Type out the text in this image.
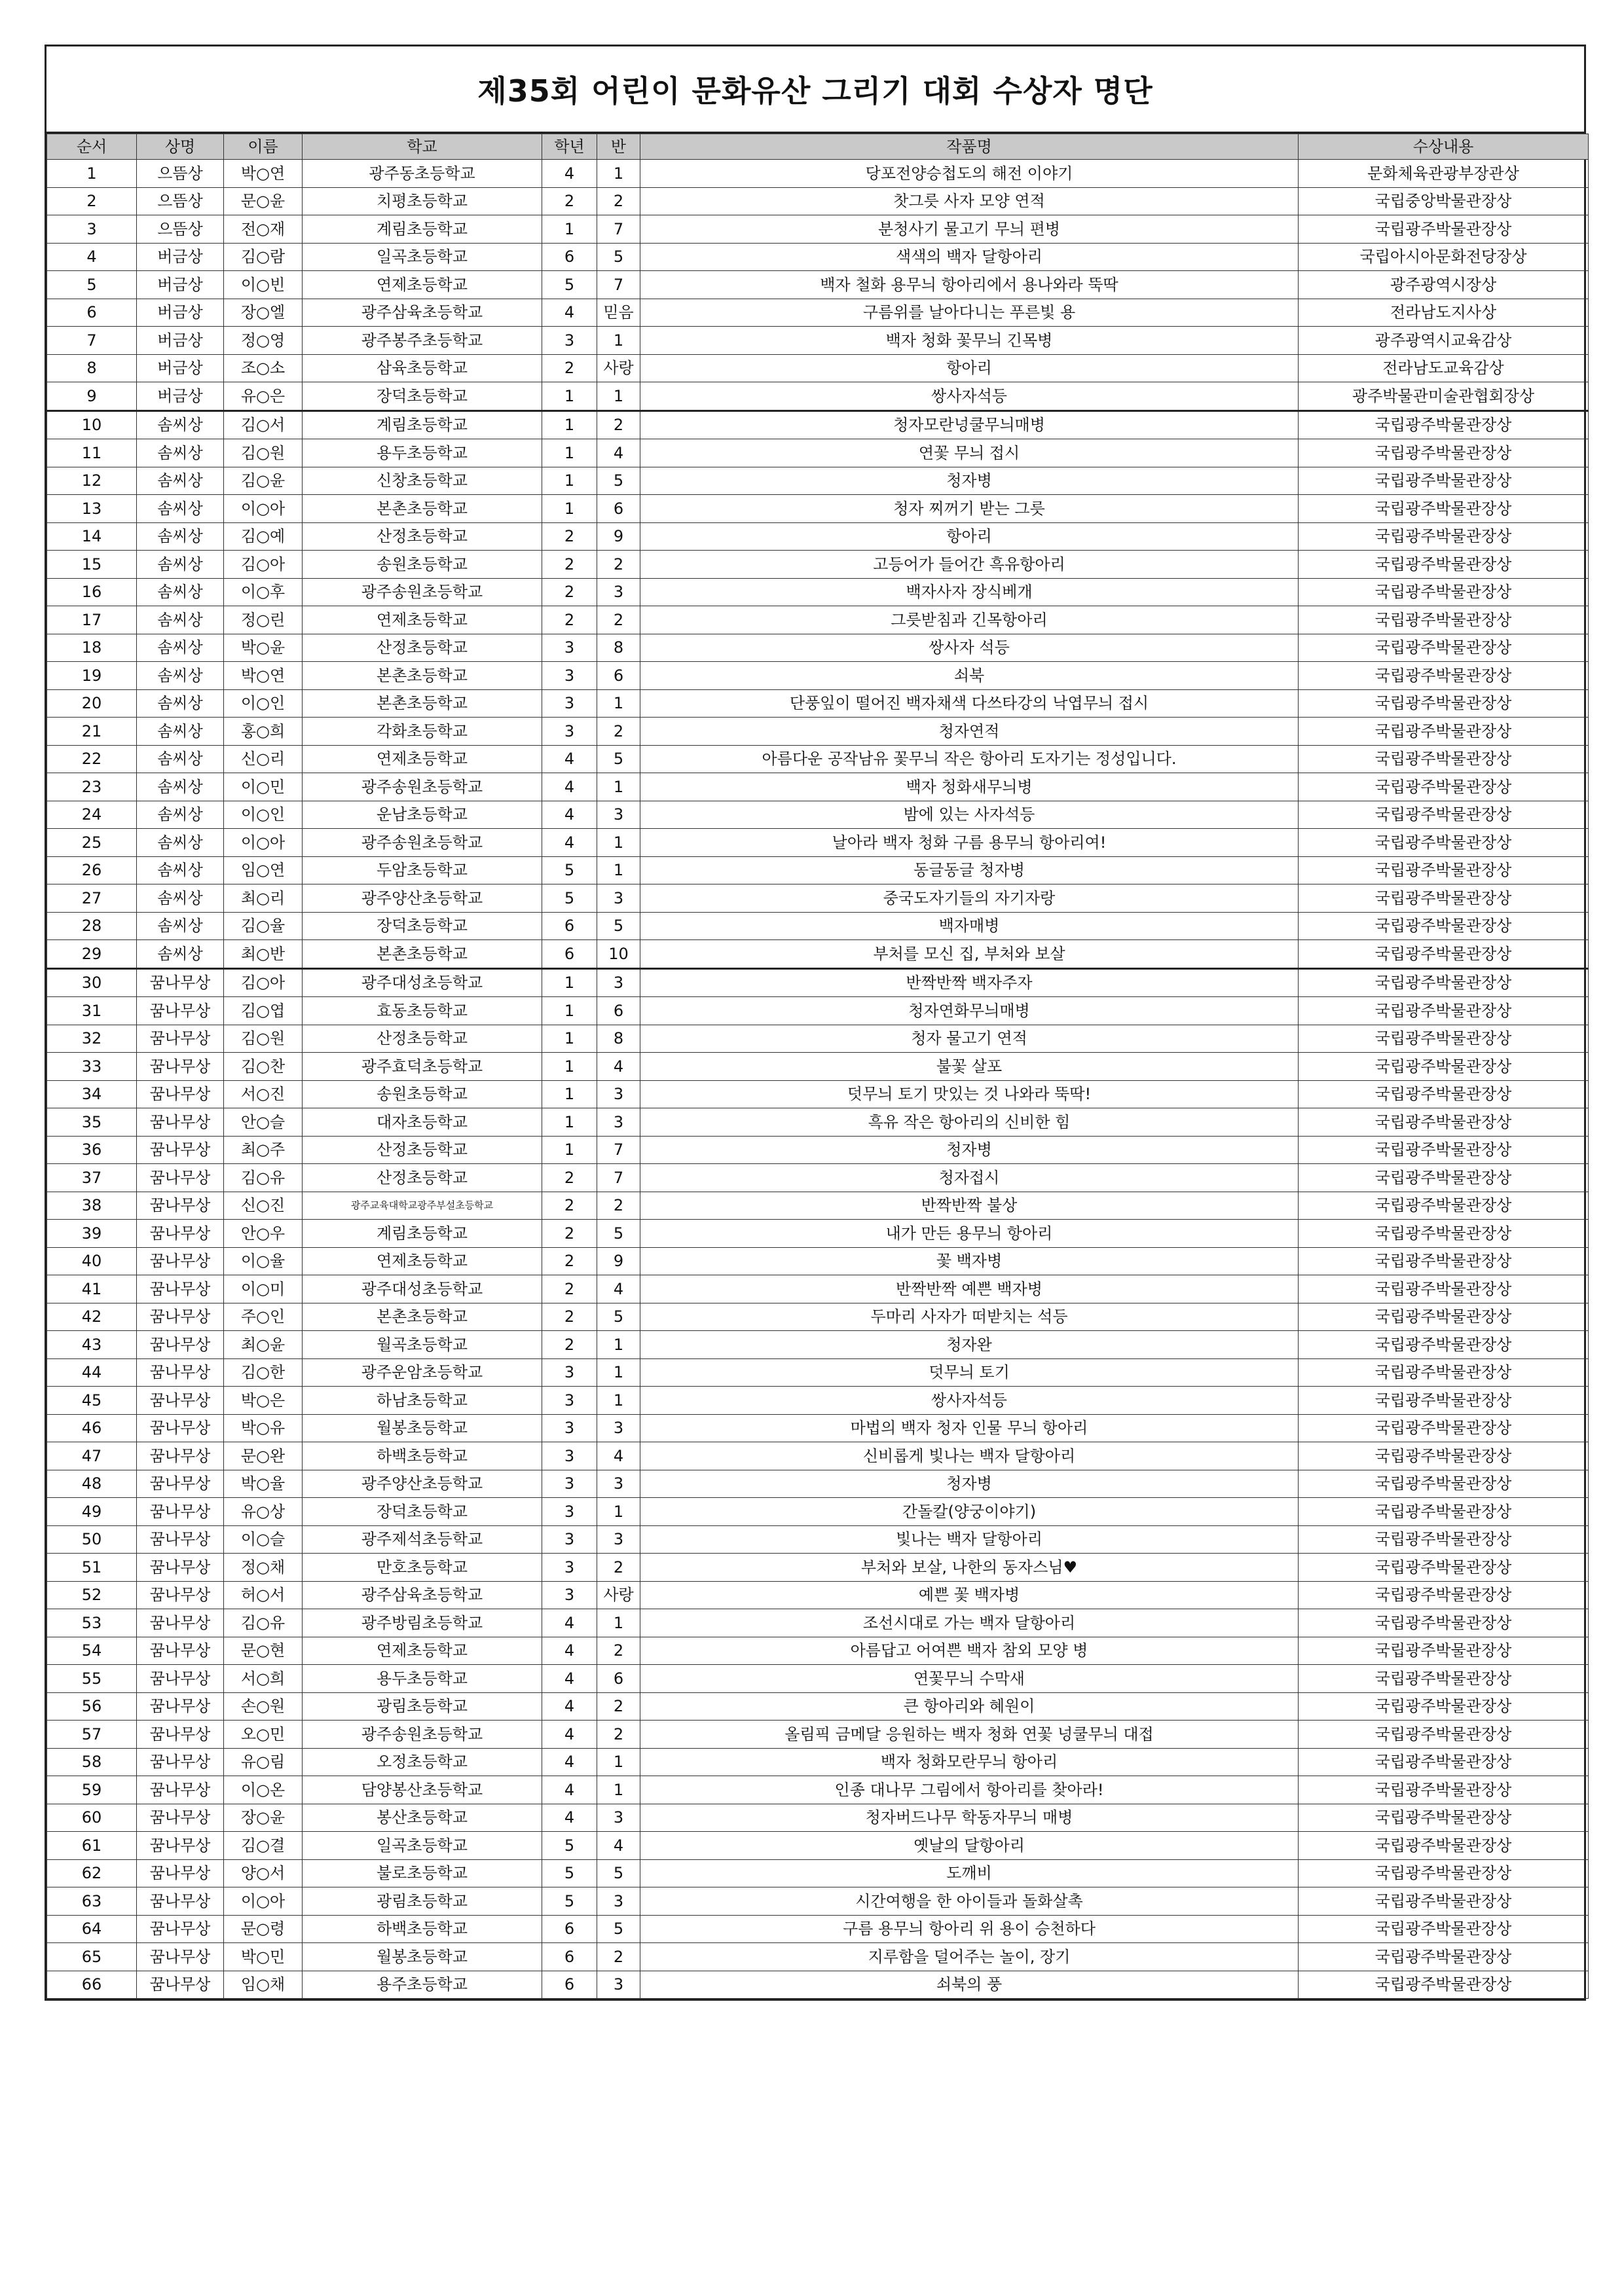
제35회 어린이 문화유산 그리기 대회 수상자 명단
순서	상명	이름	학교	학년	반	작품명	수상내용
1	으뜸상	박○연	광주동초등학교	4	1	당포전양승첩도의 해전 이야기	문화체육관광부장관상
2	으뜸상	문○윤	치평초등학교	2	2	찻그릇 사자 모양 연적	국립중앙박물관장상
3	으뜸상	전○재	계림초등학교	1	7	분청사기 물고기 무늬 편병	국립광주박물관장상
4	버금상	김○람	일곡초등학교	6	5	색색의 백자 달항아리	국립아시아문화전당장상
5	버금상	이○빈	연제초등학교	5	7	백자 철화 용무늬 항아리에서 용나와라 뚝딱	광주광역시장상
6	버금상	장○엘	광주삼육초등학교	4	믿음	구름위를 날아다니는 푸른빛 용	전라남도지사상
7	버금상	정○영	광주봉주초등학교	3	1	백자 청화 꽃무늬 긴목병	광주광역시교육감상
8	버금상	조○소	삼육초등학교	2	사랑	항아리	전라남도교육감상
9	버금상	유○은	장덕초등학교	1	1	쌍사자석등	광주박물관미술관협회장상
10	솜씨상	김○서	계림초등학교	1	2	청자모란넝쿨무늬매병	국립광주박물관장상
11	솜씨상	김○원	용두초등학교	1	4	연꽃 무늬 접시	국립광주박물관장상
12	솜씨상	김○윤	신창초등학교	1	5	청자병	국립광주박물관장상
13	솜씨상	이○아	본촌초등학교	1	6	청자 찌꺼기 받는 그릇	국립광주박물관장상
14	솜씨상	김○예	산정초등학교	2	9	항아리	국립광주박물관장상
15	솜씨상	김○아	송원초등학교	2	2	고등어가 들어간 흑유항아리	국립광주박물관장상
16	솜씨상	이○후	광주송원초등학교	2	3	백자사자 장식베개	국립광주박물관장상
17	솜씨상	정○린	연제초등학교	2	2	그릇받침과 긴목항아리	국립광주박물관장상
18	솜씨상	박○윤	산정초등학교	3	8	쌍사자 석등	국립광주박물관장상
19	솜씨상	박○연	본촌초등학교	3	6	쇠북	국립광주박물관장상
20	솜씨상	이○인	본촌초등학교	3	1	단풍잎이 떨어진 백자채색 다쓰타강의 낙엽무늬 접시	국립광주박물관장상
21	솜씨상	홍○희	각화초등학교	3	2	청자연적	국립광주박물관장상
22	솜씨상	신○리	연제초등학교	4	5	아름다운 공작남유 꽃무늬 작은 항아리 도자기는 정성입니다.	국립광주박물관장상
23	솜씨상	이○민	광주송원초등학교	4	1	백자 청화새무늬병	국립광주박물관장상
24	솜씨상	이○인	운남초등학교	4	3	밤에 있는 사자석등	국립광주박물관장상
25	솜씨상	이○아	광주송원초등학교	4	1	날아라 백자 청화 구름 용무늬 항아리여!	국립광주박물관장상
26	솜씨상	임○연	두암초등학교	5	1	동글동글 청자병	국립광주박물관장상
27	솜씨상	최○리	광주양산초등학교	5	3	중국도자기들의 자기자랑	국립광주박물관장상
28	솜씨상	김○율	장덕초등학교	6	5	백자매병	국립광주박물관장상
29	솜씨상	최○반	본촌초등학교	6	10	부처를 모신 집, 부처와 보살	국립광주박물관장상
30	꿈나무상	김○아	광주대성초등학교	1	3	반짝반짝 백자주자	국립광주박물관장상
31	꿈나무상	김○엽	효동초등학교	1	6	청자연화무늬매병	국립광주박물관장상
32	꿈나무상	김○원	산정초등학교	1	8	청자 물고기 연적	국립광주박물관장상
33	꿈나무상	김○찬	광주효덕초등학교	1	4	불꽃 살포	국립광주박물관장상
34	꿈나무상	서○진	송원초등학교	1	3	덧무늬 토기 맛있는 것 나와라 뚝딱!	국립광주박물관장상
35	꿈나무상	안○슬	대자초등학교	1	3	흑유 작은 항아리의 신비한 힘	국립광주박물관장상
36	꿈나무상	최○주	산정초등학교	1	7	청자병	국립광주박물관장상
37	꿈나무상	김○유	산정초등학교	2	7	청자접시	국립광주박물관장상
38	꿈나무상	신○진	광주교육대학교광주부설초등학교	2	2	반짝반짝 불상	국립광주박물관장상
39	꿈나무상	안○우	계림초등학교	2	5	내가 만든 용무늬 항아리	국립광주박물관장상
40	꿈나무상	이○율	연제초등학교	2	9	꽃 백자병	국립광주박물관장상
41	꿈나무상	이○미	광주대성초등학교	2	4	반짝반짝 예쁜 백자병	국립광주박물관장상
42	꿈나무상	주○인	본촌초등학교	2	5	두마리 사자가 떠받치는 석등	국립광주박물관장상
43	꿈나무상	최○윤	월곡초등학교	2	1	청자완	국립광주박물관장상
44	꿈나무상	김○한	광주운암초등학교	3	1	덧무늬 토기	국립광주박물관장상
45	꿈나무상	박○은	하남초등학교	3	1	쌍사자석등	국립광주박물관장상
46	꿈나무상	박○유	월봉초등학교	3	3	마법의 백자 청자 인물 무늬 항아리	국립광주박물관장상
47	꿈나무상	문○완	하백초등학교	3	4	신비롭게 빛나는 백자 달항아리	국립광주박물관장상
48	꿈나무상	박○율	광주양산초등학교	3	3	청자병	국립광주박물관장상
49	꿈나무상	유○상	장덕초등학교	3	1	간돌칼(양궁이야기)	국립광주박물관장상
50	꿈나무상	이○슬	광주제석초등학교	3	3	빛나는 백자 달항아리	국립광주박물관장상
51	꿈나무상	정○채	만호초등학교	3	2	부처와 보살, 나한의 동자스님♥	국립광주박물관장상
52	꿈나무상	허○서	광주삼육초등학교	3	사랑	예쁜 꽃 백자병	국립광주박물관장상
53	꿈나무상	김○유	광주방림초등학교	4	1	조선시대로 가는 백자 달항아리	국립광주박물관장상
54	꿈나무상	문○현	연제초등학교	4	2	아름답고 어여쁜 백자 참외 모양 병	국립광주박물관장상
55	꿈나무상	서○희	용두초등학교	4	6	연꽃무늬 수막새	국립광주박물관장상
56	꿈나무상	손○원	광림초등학교	4	2	큰 항아리와 혜원이	국립광주박물관장상
57	꿈나무상	오○민	광주송원초등학교	4	2	올림픽 금메달 응원하는 백자 청화 연꽃 넝쿨무늬 대접	국립광주박물관장상
58	꿈나무상	유○림	오정초등학교	4	1	백자 청화모란무늬 항아리	국립광주박물관장상
59	꿈나무상	이○온	담양봉산초등학교	4	1	인종 대나무 그림에서 항아리를 찾아라!	국립광주박물관장상
60	꿈나무상	장○윤	봉산초등학교	4	3	청자버드나무 학동자무늬 매병	국립광주박물관장상
61	꿈나무상	김○결	일곡초등학교	5	4	옛날의 달항아리	국립광주박물관장상
62	꿈나무상	양○서	불로초등학교	5	5	도깨비	국립광주박물관장상
63	꿈나무상	이○아	광림초등학교	5	3	시간여행을 한 아이들과 돌화살촉	국립광주박물관장상
64	꿈나무상	문○령	하백초등학교	6	5	구름 용무늬 항아리 위 용이 승천하다	국립광주박물관장상
65	꿈나무상	박○민	월봉초등학교	6	2	지루함을 덜어주는 놀이, 장기	국립광주박물관장상
66	꿈나무상	임○채	용주초등학교	6	3	쇠북의 풍	국립광주박물관장상
